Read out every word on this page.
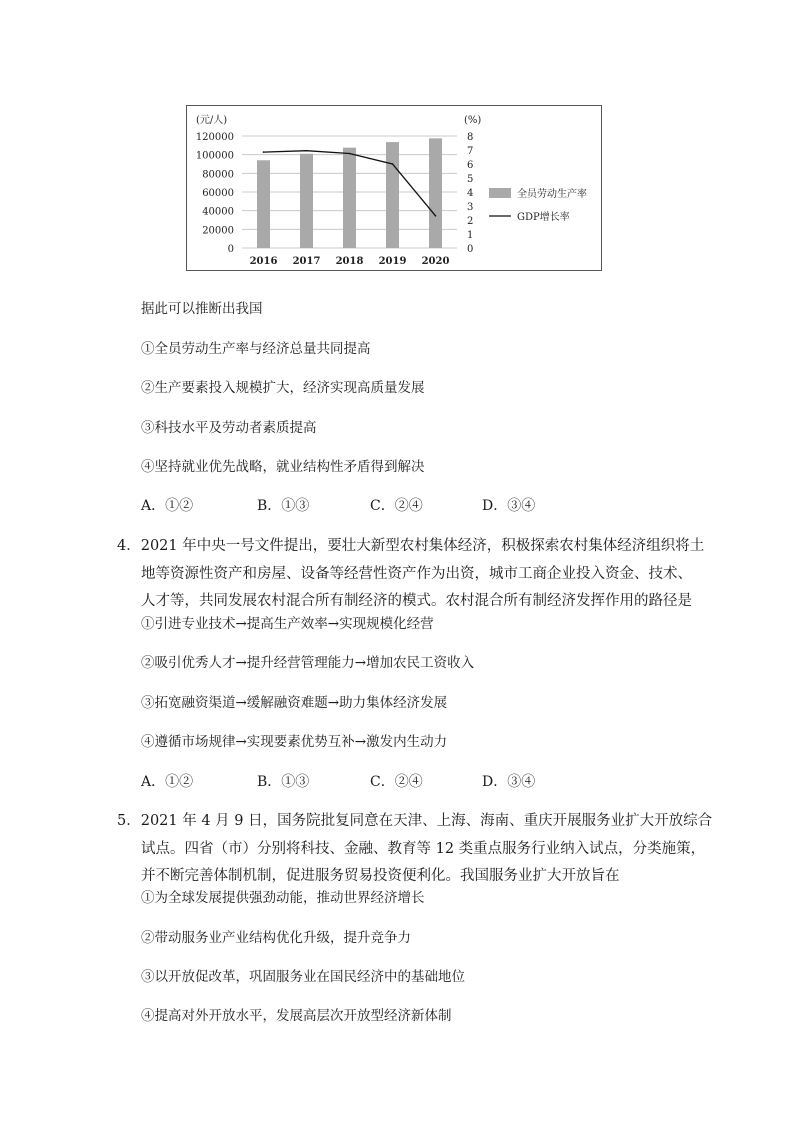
0
20000
40000
60000
80000
100000
120000
0
1
2
3
4
5
6
7
8
(元/人)	(%)
2016 2017 2018 2019 2020
全员劳动生产率
GDP增长率
据此可以推断出我国
①全员劳动生产率与经济总量共同提高
②生产要素投入规模扩大，经济实现高质量发展
③科技水平及劳动者素质提高
④坚持就业优先战略，就业结构性矛盾得到解决
A．①②	B．①③	C．②④	D．③④
4．2021 年中央一号文件提出，要壮大新型农村集体经济，积极探索农村集体经济组织将土
地等资源性资产和房屋、设备等经营性资产作为出资，城市工商企业投入资金、技术、
人才等，共同发展农村混合所有制经济的模式。农村混合所有制经济发挥作用的路径是
①引进专业技术→提高生产效率→实现规模化经营
②吸引优秀人才→提升经营管理能力→增加农民工资收入
③拓宽融资渠道→缓解融资难题→助力集体经济发展
④遵循市场规律→实现要素优势互补→激发内生动力
A．①②	B．①③	C．②④	D．③④
5．2021 年 4 月 9 日，国务院批复同意在天津、上海、海南、重庆开展服务业扩大开放综合
试点。四省（市）分别将科技、金融、教育等 12 类重点服务行业纳入试点，分类施策，
并不断完善体制机制，促进服务贸易投资便利化。我国服务业扩大开放旨在
①为全球发展提供强劲动能，推动世界经济增长
②带动服务业产业结构优化升级，提升竞争力
③以开放促改革，巩固服务业在国民经济中的基础地位
④提高对外开放水平，发展高层次开放型经济新体制
